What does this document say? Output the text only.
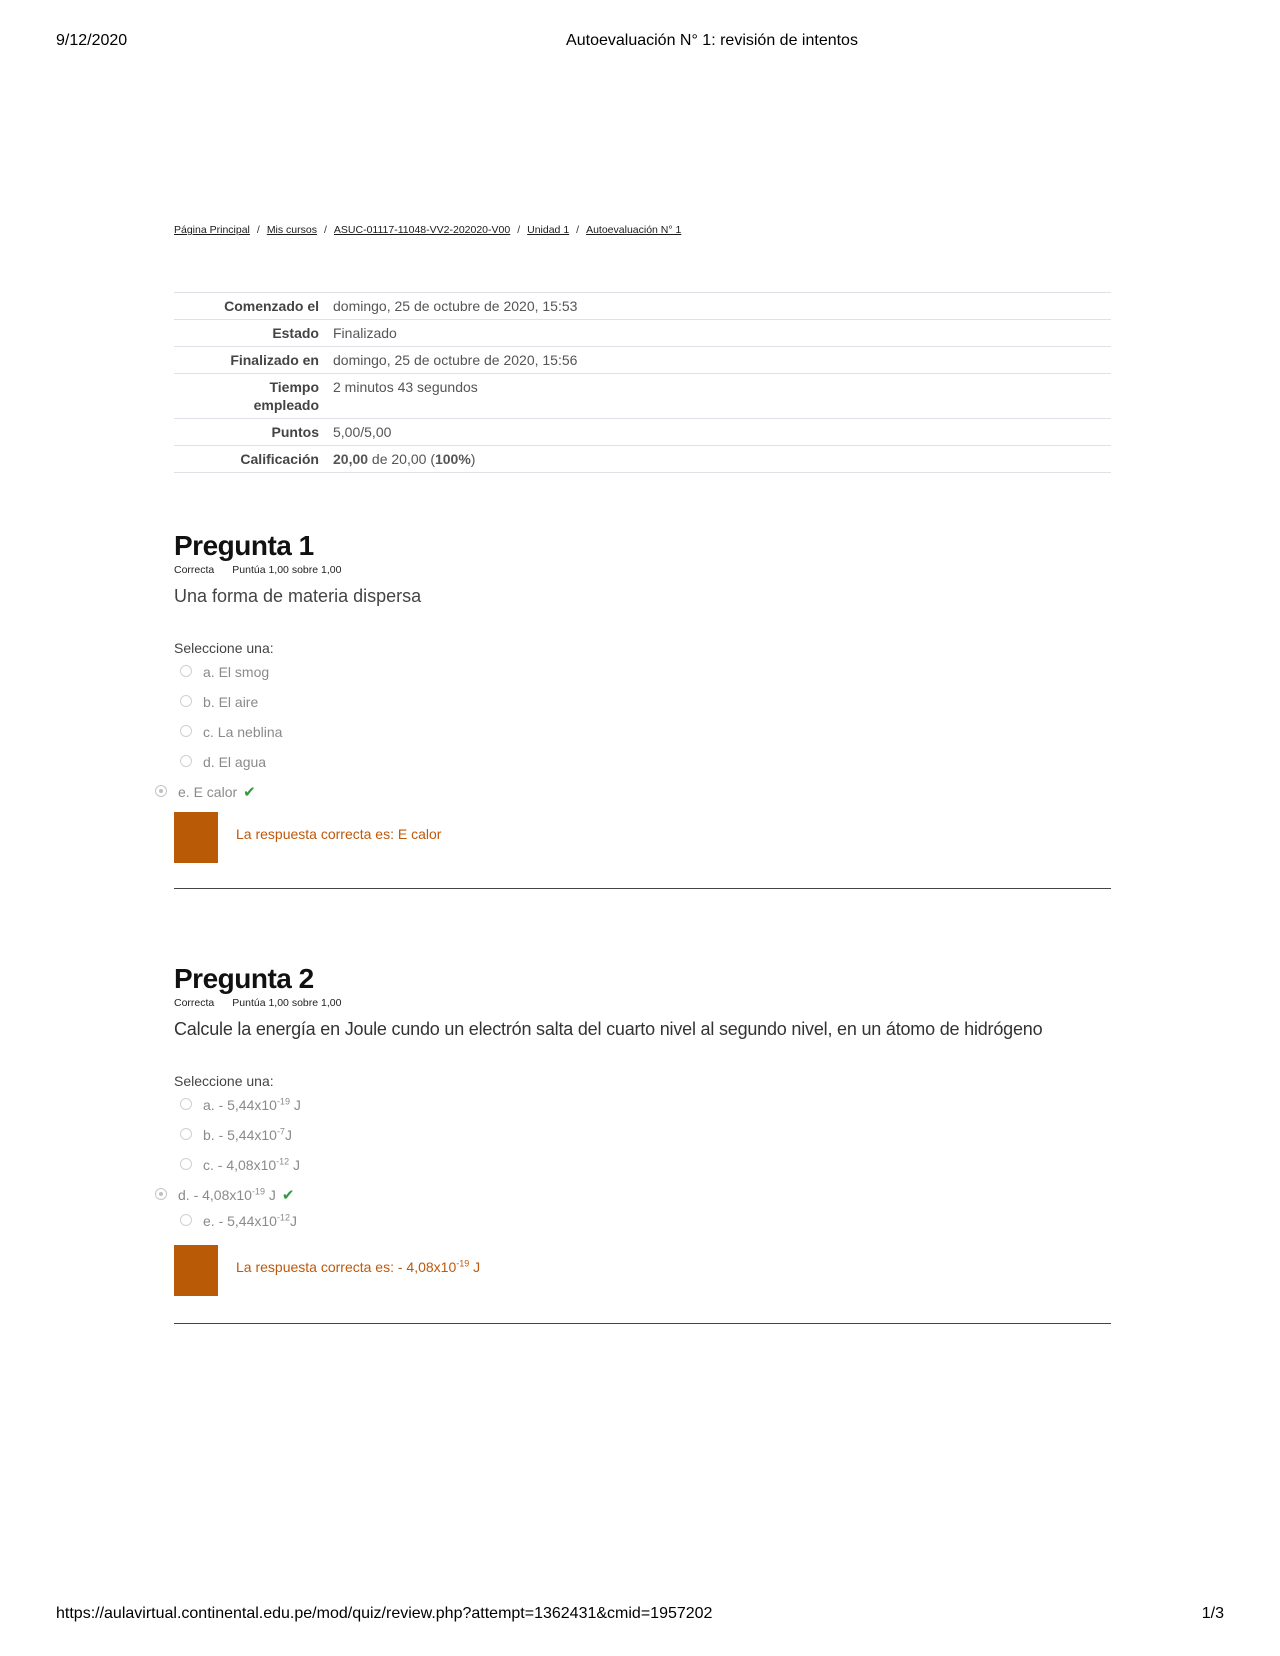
9/12/2020	Autoevaluación N° 1: revisión de intentos
Página Principal / Mis cursos / ASUC-01117-11048-VV2-202020-V00 / Unidad 1 / Autoevaluación N° 1
Comenzado el	domingo, 25 de octubre de 2020, 15:53
Estado	Finalizado
Finalizado en	domingo, 25 de octubre de 2020, 15:56
Tiempo
empleado	2 minutos 43 segundos
Puntos	5,00/5,00
Calificación	20,00 de 20,00 (100%)
Pregunta 1
Correcta Puntúa 1,00 sobre 1,00
Una forma de materia dispersa
Seleccione una:
a. El smog
b. El aire
c. La neblina
d. El agua
e. E calor ✔
La respuesta correcta es: E calor
Pregunta 2
Correcta Puntúa 1,00 sobre 1,00
Calcule la energía en Joule cundo un electrón salta del cuarto nivel al segundo nivel, en un átomo de hidrógeno
Seleccione una:
a. - $5,44x10^{-19}$ J
b. - $5,44x10^{-7}J$
c. - $4,08x10^{-12}$ J
d. - $4,08x10^{-19}$ J ✔
e. - $5,44x10^{-12}J$
La respuesta correcta es: - $4,08x10^{-19}$ J
https://aulavirtual.continental.edu.pe/mod/quiz/review.php?attempt=1362431&cmid=1957202	1/3
